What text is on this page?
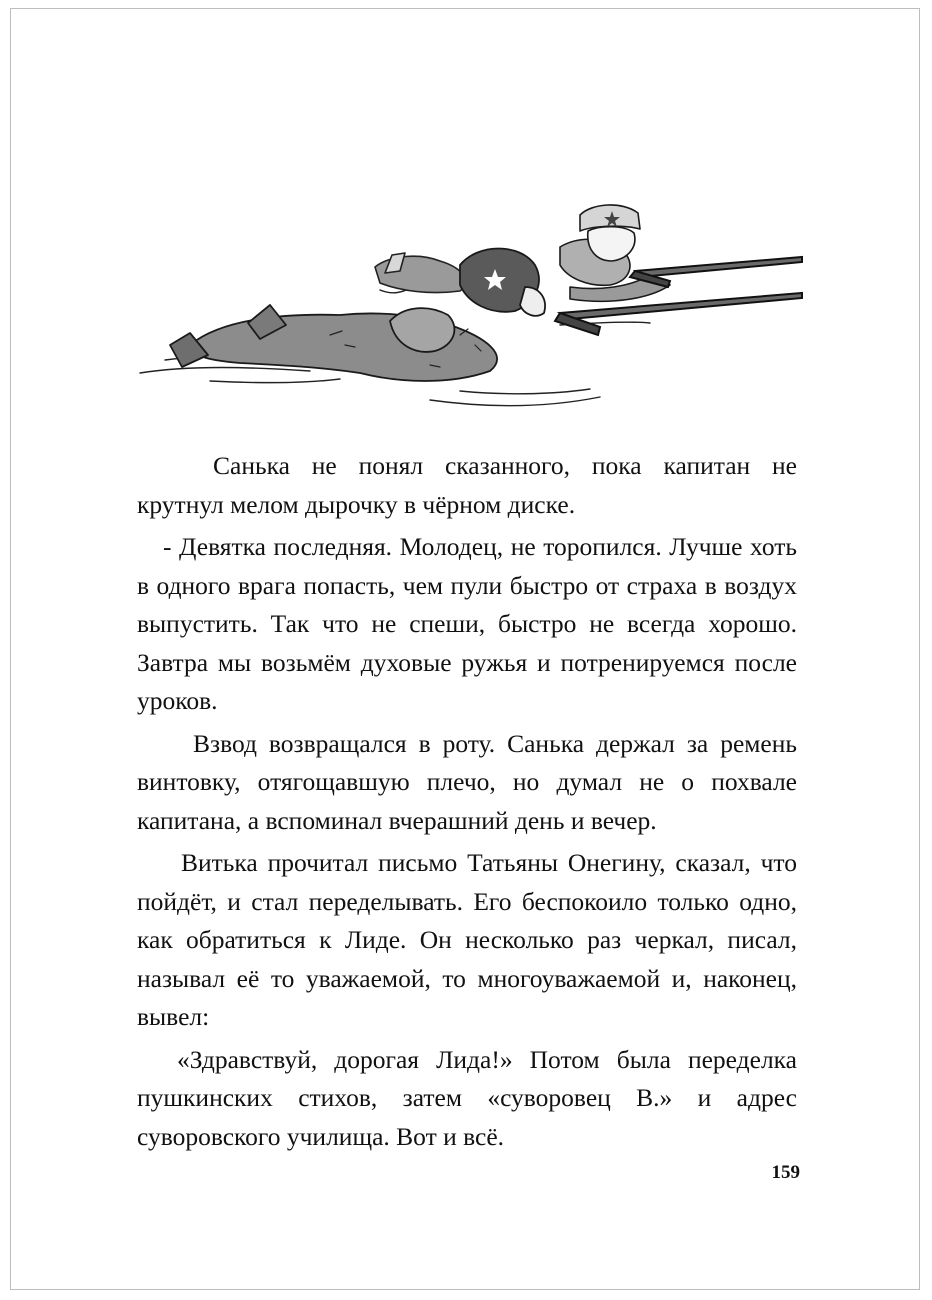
Санька не понял сказанного, пока капитан не крутнул мелом дырочку в чёрном диске.

- Девятка последняя. Молодец, не торопился. Лучше хоть в одного врага попасть, чем пули быстро от страха в воздух выпустить. Так что не спеши, быстро не всегда хорошо. Завтра мы возьмём духовые ружья и потренируемся после уроков.

Взвод возвращался в роту. Санька держал за ремень винтовку, отягощавшую плечо, но думал не о похвале капитана, а вспоминал вчерашний день и вечер.

Витька прочитал письмо Татьяны Онегину, сказал, что пойдёт, и стал переделывать. Его беспокоило только одно, как обратиться к Лиде. Он несколько раз черкал, писал, называл её то уважаемой, то многоуважаемой и, наконец, вывел:

«Здравствуй, дорогая Лида!» Потом была переделка пушкинских стихов, затем «суворовец В.» и адрес суворовского училища. Вот и всё.

159
